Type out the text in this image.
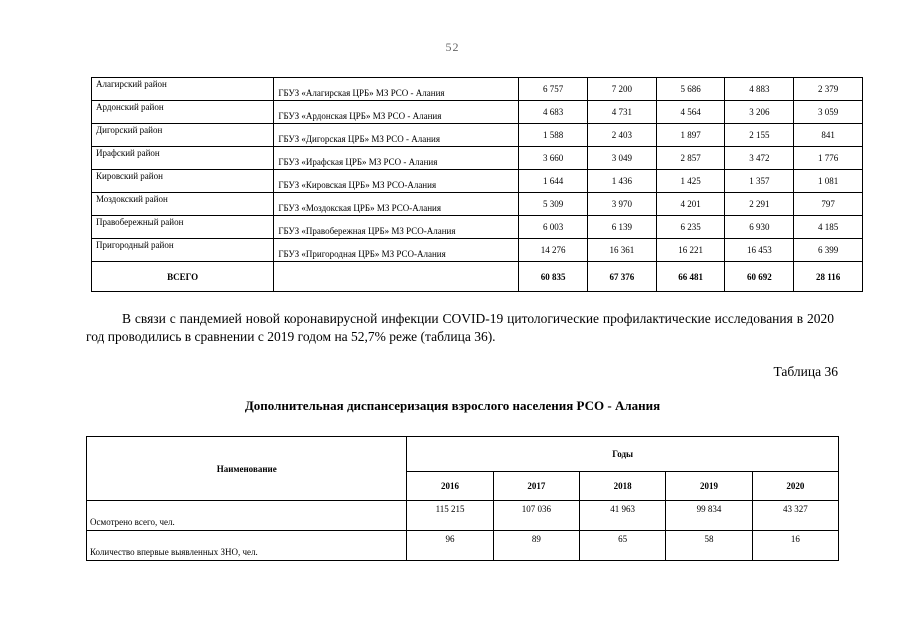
52
Алагирский район	ГБУЗ «Алагирская ЦРБ» МЗ РСО - Алания	6 757	7 200	5 686	4 883	2 379
Ардонский район	ГБУЗ «Ардонская ЦРБ» МЗ РСО - Алания	4 683	4 731	4 564	3 206	3 059
Дигорский район	ГБУЗ «Дигорская ЦРБ» МЗ РСО - Алания	1 588	2 403	1 897	2 155	841
Ирафский район	ГБУЗ «Ирафская ЦРБ» МЗ РСО - Алания	3 660	3 049	2 857	3 472	1 776
Кировский район	ГБУЗ «Кировская ЦРБ» МЗ РСО-Алания	1 644	1 436	1 425	1 357	1 081
Моздокский район	ГБУЗ «Моздокская ЦРБ» МЗ РСО-Алания	5 309	3 970	4 201	2 291	797
Правобережный район	ГБУЗ «Правобережная ЦРБ» МЗ РСО-Алания	6 003	6 139	6 235	6 930	4 185
Пригородный район	ГБУЗ «Пригородная ЦРБ» МЗ РСО-Алания	14 276	16 361	16 221	16 453	6 399
ВСЕГО		60 835	67 376	66 481	60 692	28 116

В связи с пандемией новой коронавирусной инфекции COVID-19 цитологические профилактические исследования в 2020 год проводились в сравнении с 2019 годом на 52,7% реже (таблица 36).

Таблица 36
Дополнительная диспансеризация взрослого населения РСО - Алания
Наименование	Годы				
	2016	2017	2018	2019	2020
Осмотрено всего, чел.	115 215	107 036	41 963	99 834	43 327
Количество впервые выявленных ЗНО, чел.	96	89	65	58	16
